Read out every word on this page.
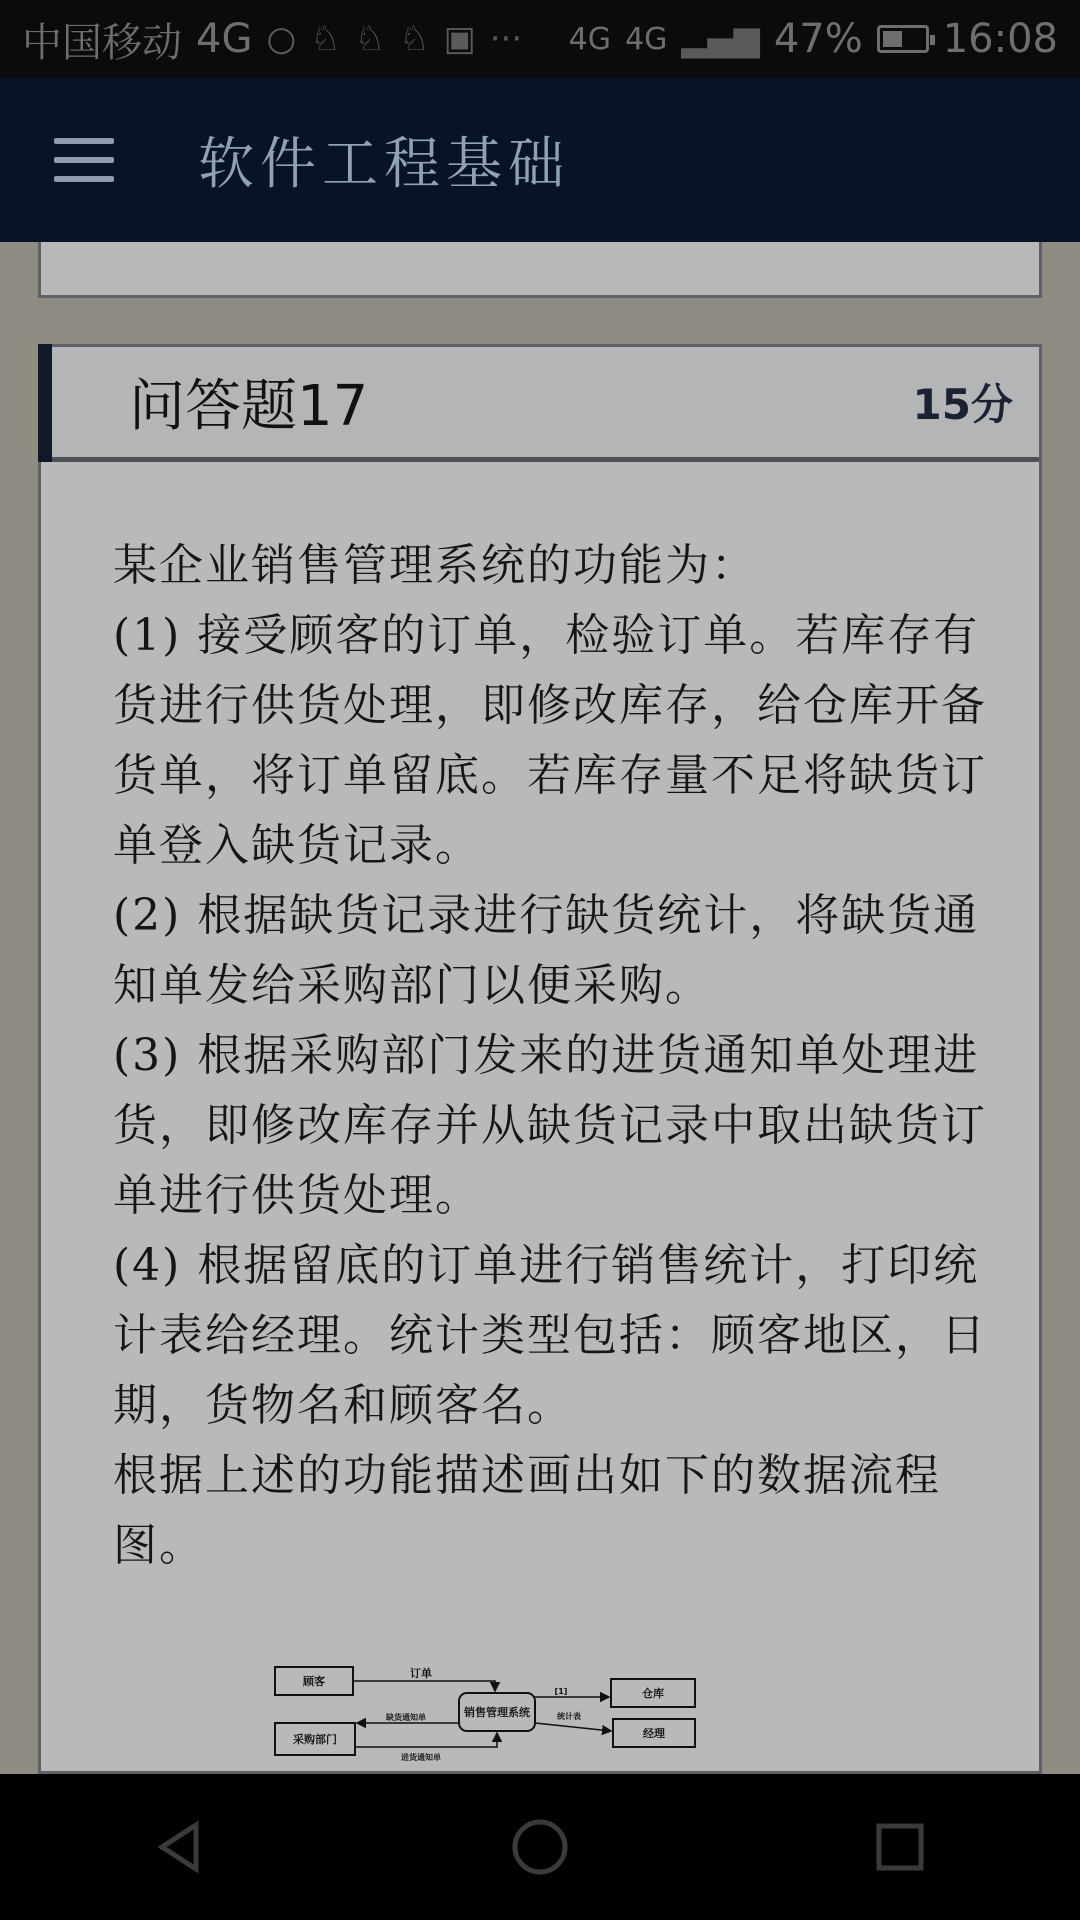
中国移动 4G ○ ♘ ♘ ♘ ▣ ··· 4G 4G ▂▄▆ 47% 16:08
软件工程基础
问答题17	15分

某企业销售管理系统的功能为：

(1) 接受顾客的订单，检验订单。若库存有货进行供货处理，即修改库存，给仓库开备货单，将订单留底。若库存量不足将缺货订单登入缺货记录。

(2) 根据缺货记录进行缺货统计，将缺货通知单发给采购部门以便采购。

(3) 根据采购部门发来的进货通知单处理进货，即修改库存并从缺货记录中取出缺货订单进行供货处理。

(4) 根据留底的订单进行销售统计，打印统计表给经理。统计类型包括：顾客地区，日期，货物名和顾客名。

根据上述的功能描述画出如下的数据流程图。

顾客
采购部门
销售管理系统
仓库
经理
订单
缺货通知单
进货通知单
[1]
统计表
